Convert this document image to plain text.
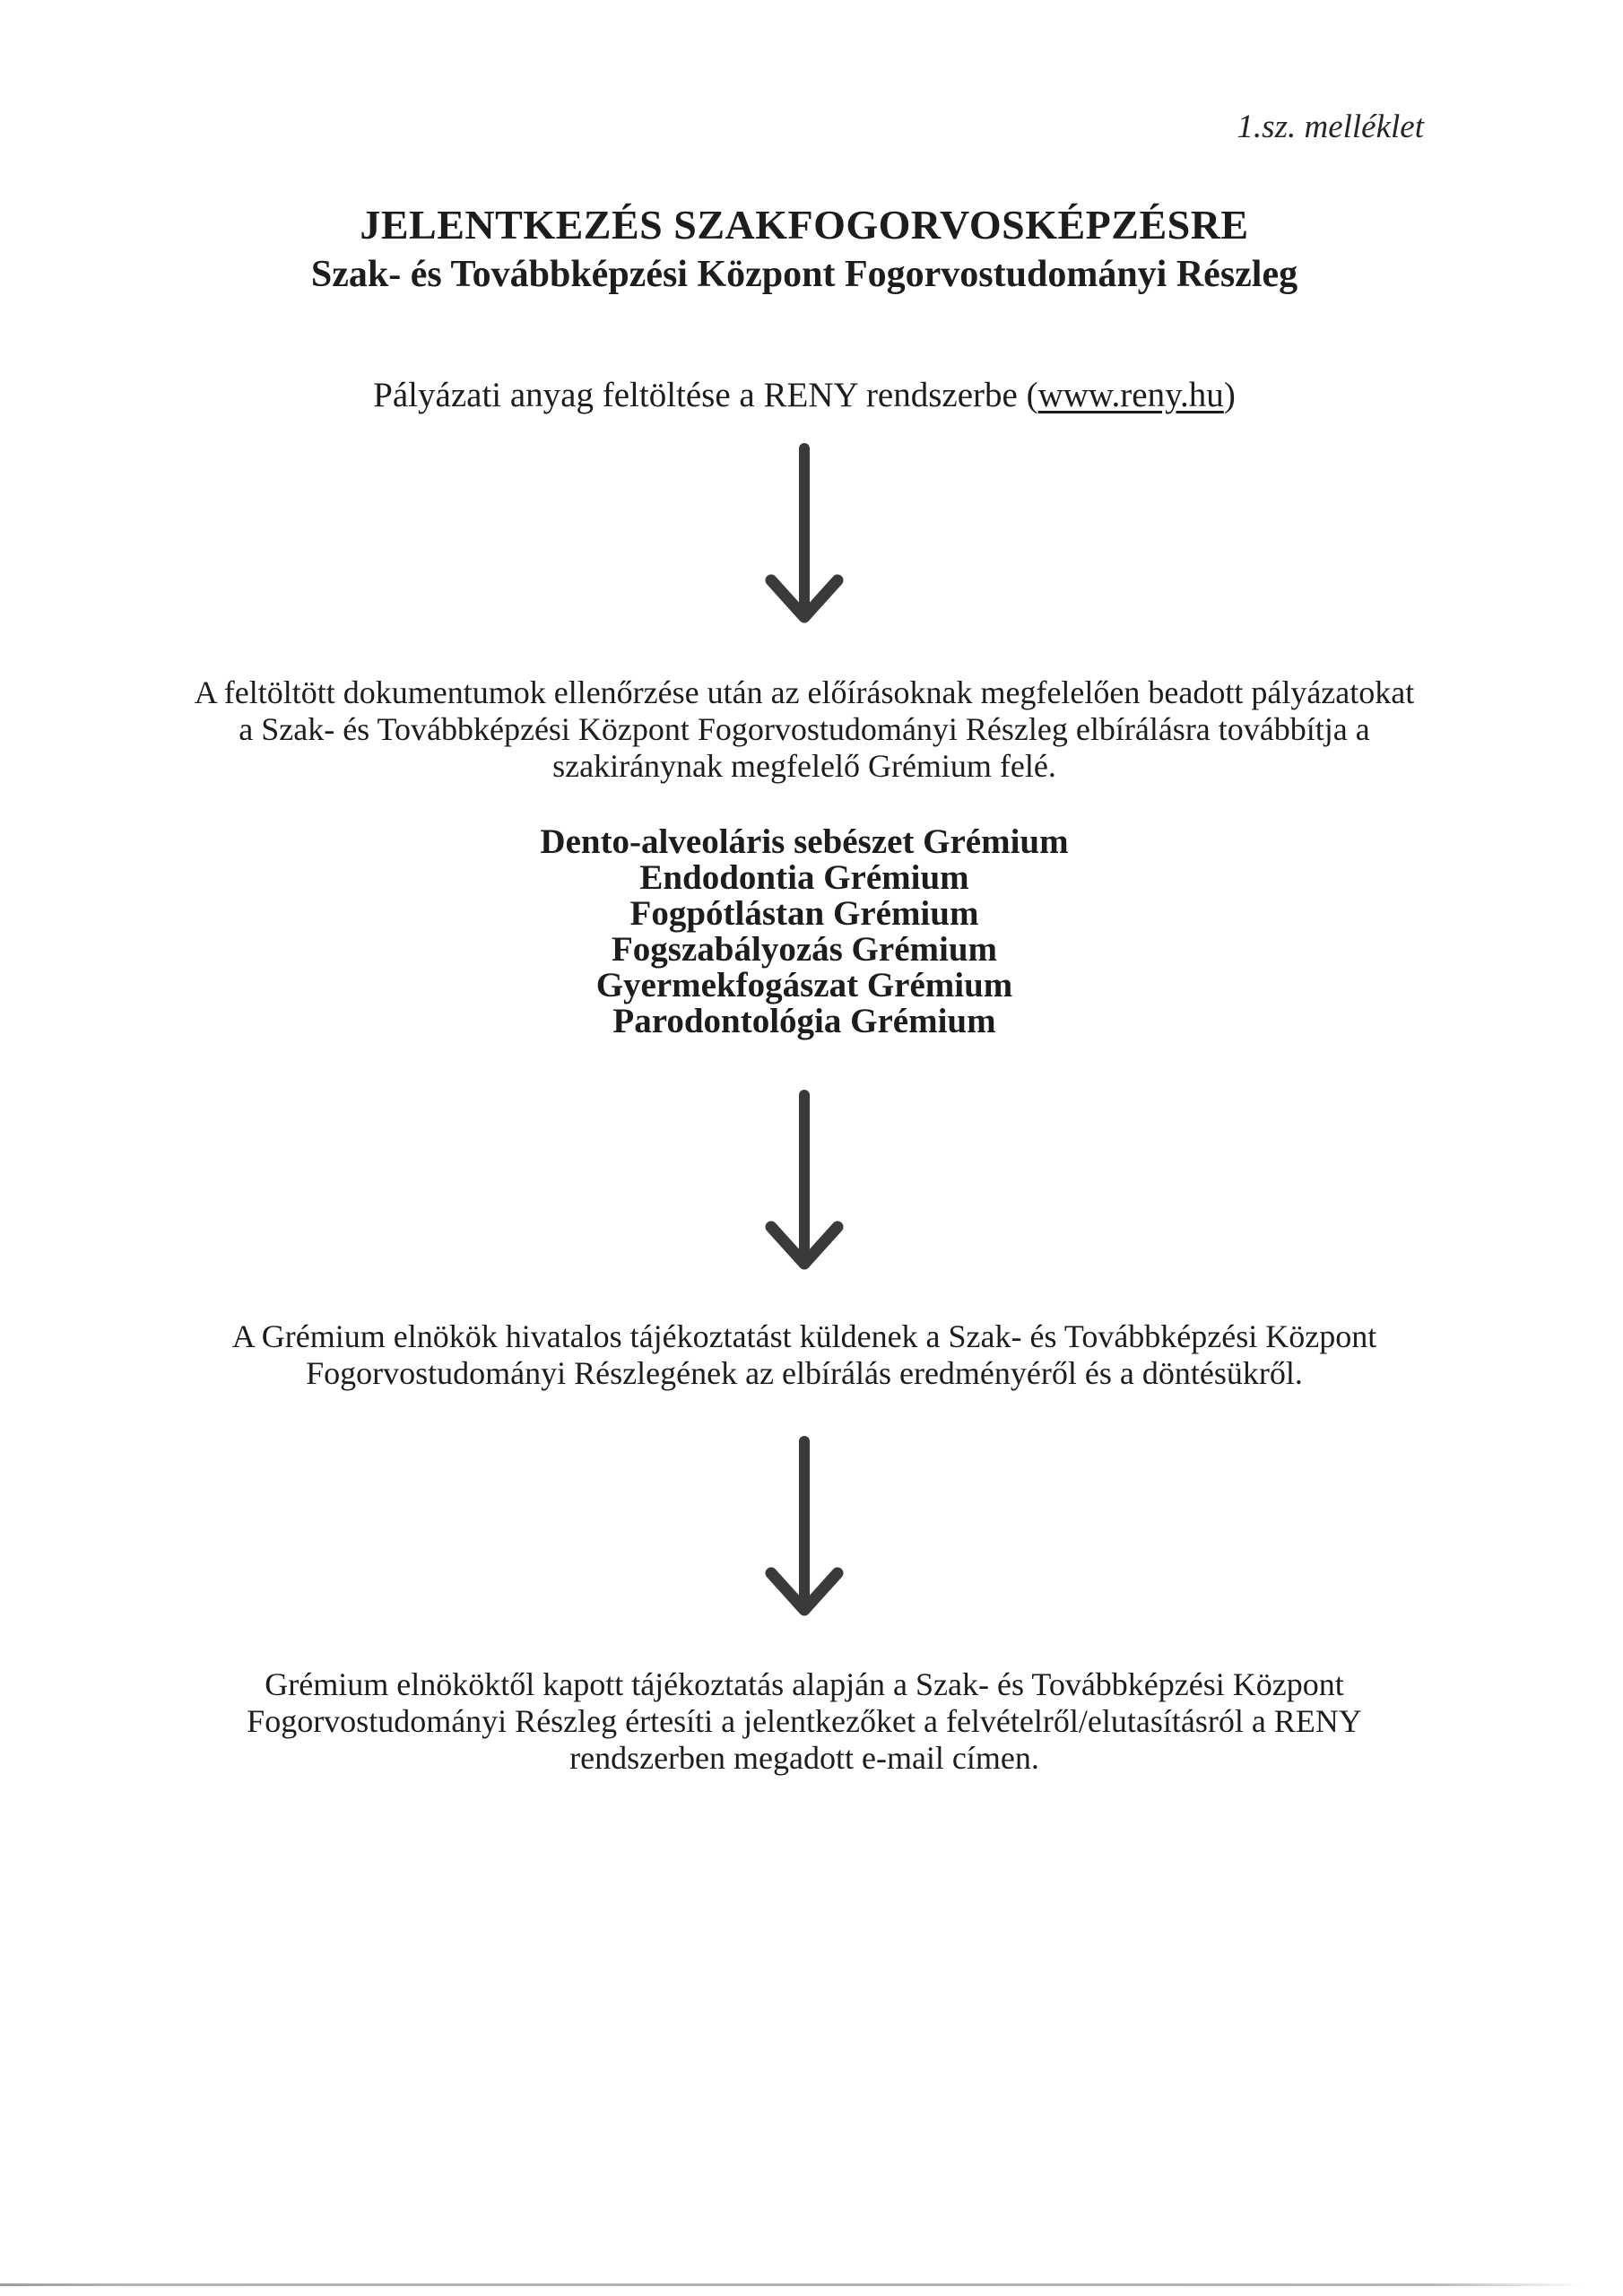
1.sz. melléklet
JELENTKEZÉS SZAKFOGORVOSKÉPZÉSRE
Szak- és Továbbképzési Központ Fogorvostudományi Részleg
Pályázati anyag feltöltése a RENY rendszerbe (www.reny.hu)
A feltöltött dokumentumok ellenőrzése után az előírásoknak megfelelően beadott pályázatokat
a Szak- és Továbbképzési Központ Fogorvostudományi Részleg elbírálásra továbbítja a
szakiránynak megfelelő Grémium felé.
Dento-alveoláris sebészet Grémium
Endodontia Grémium
Fogpótlástan Grémium
Fogszabályozás Grémium
Gyermekfogászat Grémium
Parodontológia Grémium
A Grémium elnökök hivatalos tájékoztatást küldenek a Szak- és Továbbképzési Központ
Fogorvostudományi Részlegének az elbírálás eredményéről és a döntésükről.
Grémium elnököktől kapott tájékoztatás alapján a Szak- és Továbbképzési Központ
Fogorvostudományi Részleg értesíti a jelentkezőket a felvételről/elutasításról a RENY
rendszerben megadott e-mail címen.
